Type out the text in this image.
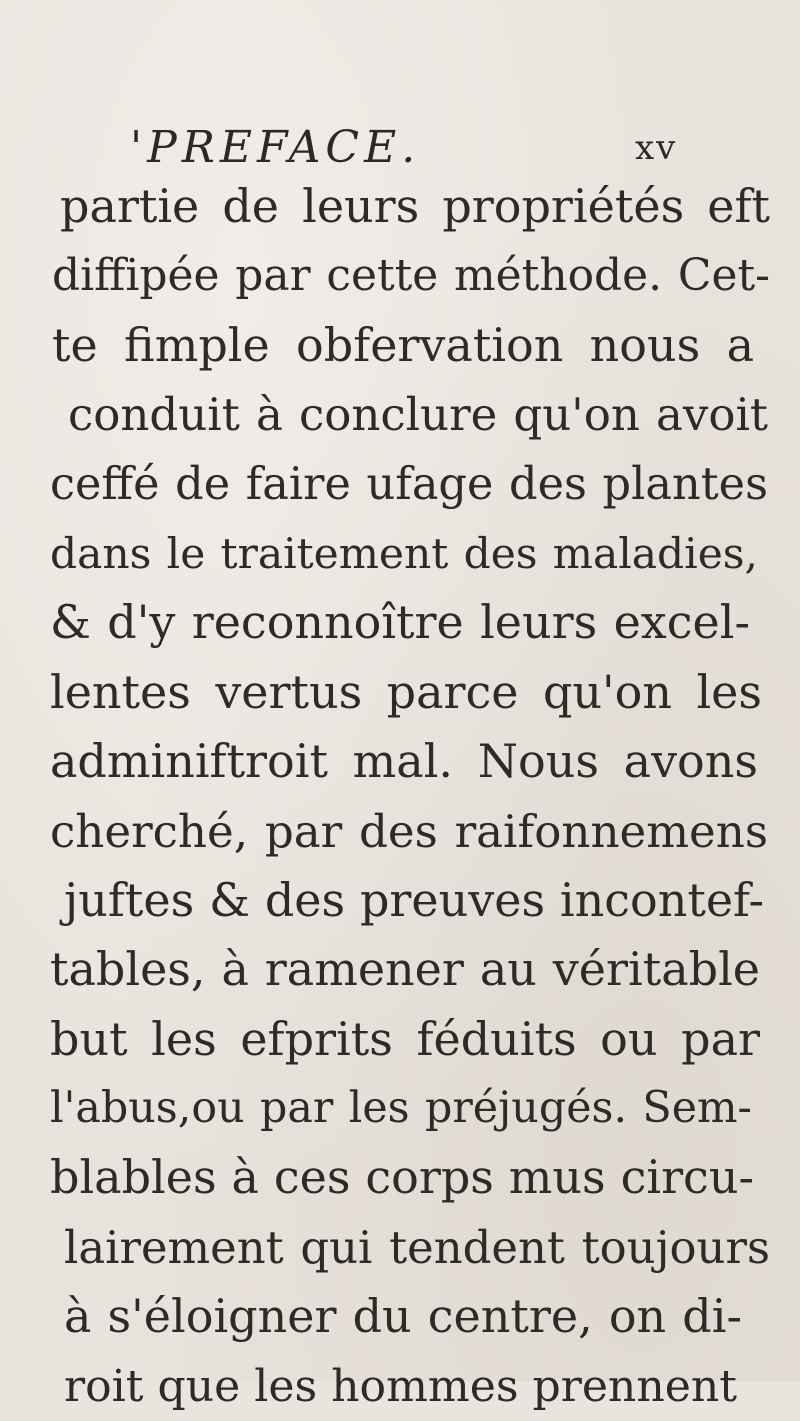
'PREFACE.	xv
partie de leurs propriétés eft
diffipée par cette méthode. Cet-
te fimple obfervation nous a
conduit à conclure qu'on avoit
ceffé de faire ufage des plantes
dans le traitement des maladies,
& d'y reconnoître leurs excel-
lentes vertus parce qu'on les
adminiftroit mal. Nous avons
cherché, par des raifonnemens
juftes & des preuves incontef-
tables, à ramener au véritable
but les efprits féduits ou par
l'abus,ou par les préjugés. Sem-
blables à ces corps mus circu-
lairement qui tendent toujours
à s'éloigner du centre, on di-
roit que les hommes prennent
